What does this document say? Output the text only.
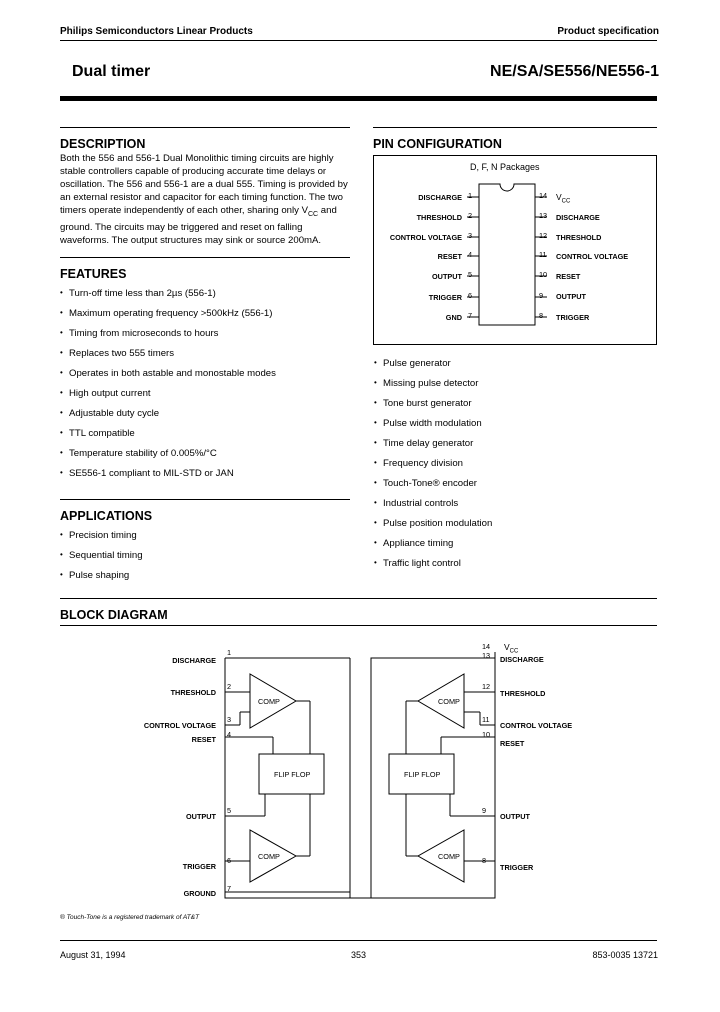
Philips Semiconductors Linear Products	Product specification
Dual timer	NE/SA/SE556/NE556-1
DESCRIPTION
Both the 556 and 556-1 Dual Monolithic timing circuits are highly
stable controllers capable of producing accurate time delays or
oscillation. The 556 and 556-1 are a dual 555. Timing is provided by
an external resistor and capacitor for each timing function. The two
timers operate independently of each other, sharing only $V_{CC}$ and
ground. The circuits may be triggered and reset on falling
waveforms. The output structures may sink or source 200mA.
FEATURES
• Turn-off time less than 2µs (556-1)
• Maximum operating frequency >500kHz (556-1)
• Timing from microseconds to hours
• Replaces two 555 timers
• Operates in both astable and monostable modes
• High output current
• Adjustable duty cycle
• TTL compatible
• Temperature stability of 0.005%/°C
• SE556-1 compliant to MIL-STD or JAN
APPLICATIONS
• Precision timing
• Sequential timing
• Pulse shaping
• Pulse generator
• Missing pulse detector
• Tone burst generator
• Pulse width modulation
• Time delay generator
• Frequency division
• Touch-Tone® encoder
• Industrial controls
• Pulse position modulation
• Appliance timing
• Traffic light control
PIN CONFIGURATION
D, F, N Packages
DISCHARGE
THRESHOLD
CONTROL VOLTAGE
RESET
OUTPUT
TRIGGER
GND
1
2
3
4
5
6
7
14
13
12
11
10
9
8
$V_{CC}$
DISCHARGE
THRESHOLD
CONTROL VOLTAGE
RESET
OUTPUT
TRIGGER
BLOCK DIAGRAM
COMP	COMP
COMP	COMP
FLIP FLOP	FLIP FLOP
DISCHARGE
THRESHOLD
CONTROL VOLTAGE
RESET
OUTPUT
TRIGGER
GROUND
1
2
3
4
5
6
7
$V_{CC}$
DISCHARGE
THRESHOLD
CONTROL VOLTAGE
RESET
OUTPUT
TRIGGER
14
13
12
11
10
9
8
® Touch-Tone is a registered trademark of AT&T
August 31, 1994	353	853-0035 13721
